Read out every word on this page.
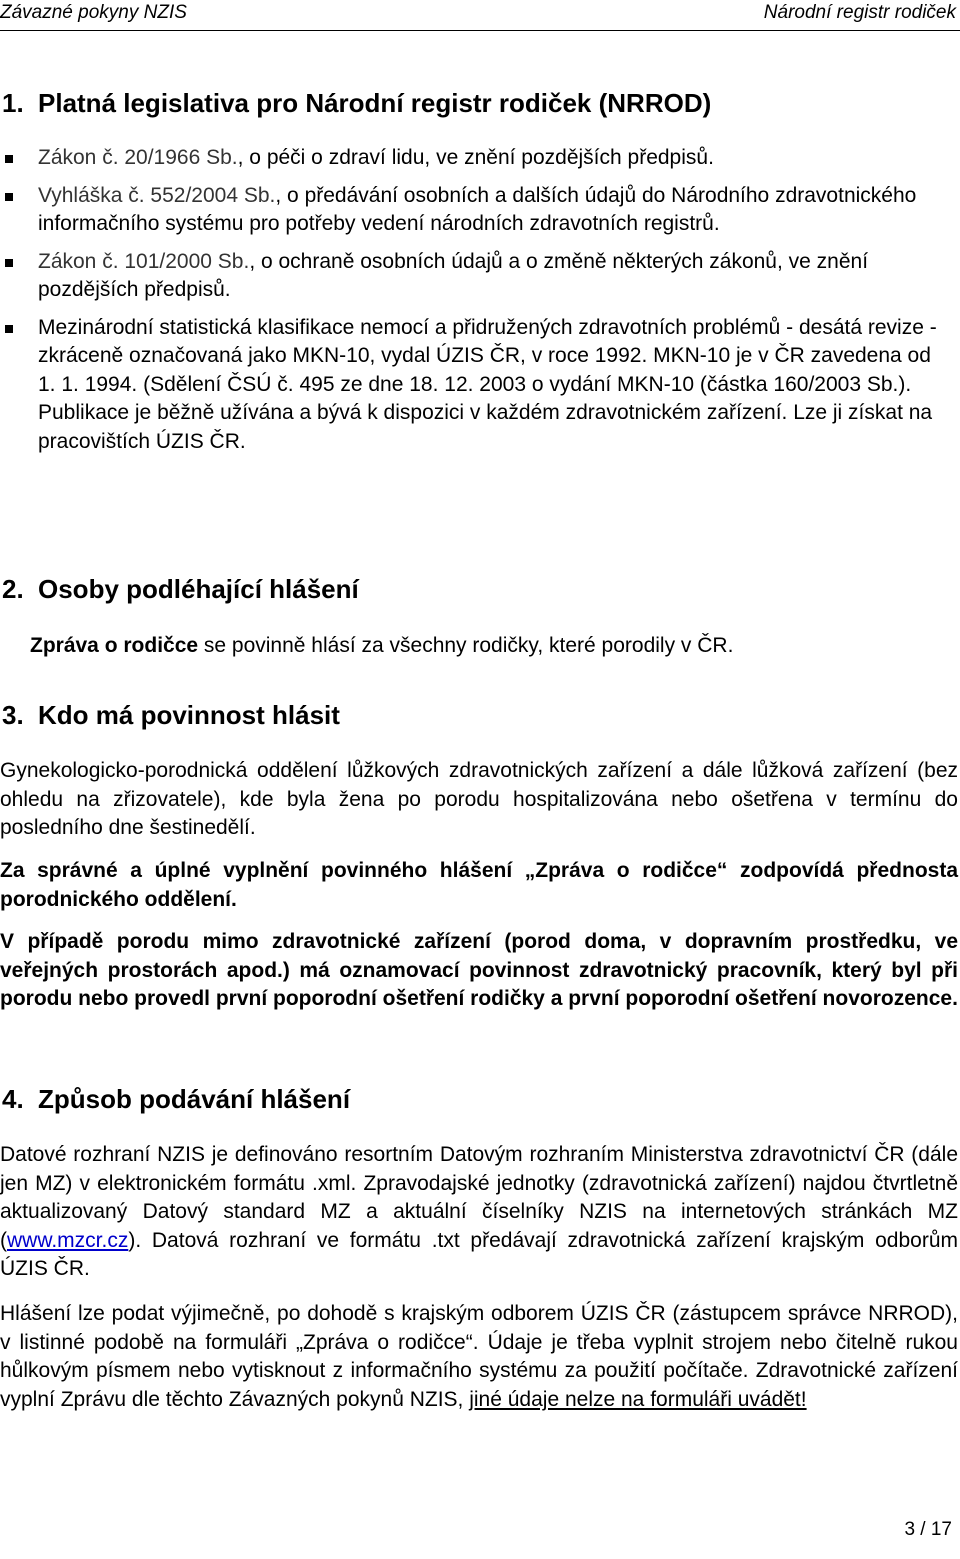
Závazné pokyny NZIS	Národní registr rodiček
1. Platná legislativa pro Národní registr rodiček (NRROD)
Zákon č. 20/1966 Sb., o péči o zdraví lidu, ve znění pozdějších předpisů.
Vyhláška č. 552/2004 Sb., o předávání osobních a dalších údajů do Národního zdravotnického informačního systému pro potřeby vedení národních zdravotních registrů.
Zákon č. 101/2000 Sb., o ochraně osobních údajů a o změně některých zákonů, ve znění pozdějších předpisů.
Mezinárodní statistická klasifikace nemocí a přidružených zdravotních problémů - desátá revize - zkráceně označovaná jako MKN-10, vydal ÚZIS ČR, v roce 1992. MKN-10 je v ČR zavedena od 1. 1. 1994. (Sdělení ČSÚ č. 495 ze dne 18. 12. 2003 o vydání MKN-10 (částka 160/2003 Sb.). Publikace je běžně užívána a bývá k dispozici v každém zdravotnickém zařízení. Lze ji získat na pracovištích ÚZIS ČR.
2. Osoby podléhající hlášení

Zpráva o rodičce se povinně hlásí za všechny rodičky, které porodily v ČR.

3. Kdo má povinnost hlásit

Gynekologicko-porodnická oddělení lůžkových zdravotnických zařízení a dále lůžková zařízení (bez ohledu na zřizovatele), kde byla žena po porodu hospitalizována nebo ošetřena v termínu do posledního dne šestinedělí.

Za správné a úplné vyplnění povinného hlášení „Zpráva o rodičce“ zodpovídá přednosta porodnického oddělení.

V případě porodu mimo zdravotnické zařízení (porod doma, v dopravním prostředku, ve veřejných prostorách apod.) má oznamovací povinnost zdravotnický pracovník, který byl při porodu nebo provedl první poporodní ošetření rodičky a první poporodní ošetření novorozence.

4. Způsob podávání hlášení

Datové rozhraní NZIS je definováno resortním Datovým rozhraním Ministerstva zdravotnictví ČR (dále jen MZ) v elektronickém formátu .xml. Zpravodajské jednotky (zdravotnická zařízení) najdou čtvrtletně aktualizovaný Datový standard MZ a aktuální číselníky NZIS na internetových stránkách MZ (www.mzcr.cz). Datová rozhraní ve formátu .txt předávají zdravotnická zařízení krajským odborům ÚZIS ČR.

Hlášení lze podat výjimečně, po dohodě s krajským odborem ÚZIS ČR (zástupcem správce NRROD), v listinné podobě na formuláři „Zpráva o rodičce“. Údaje je třeba vyplnit strojem nebo čitelně rukou hůlkovým písmem nebo vytisknout z informačního systému za použití počítače. Zdravotnické zařízení vyplní Zprávu dle těchto Závazných pokynů NZIS, jiné údaje nelze na formuláři uvádět!

3 / 17
